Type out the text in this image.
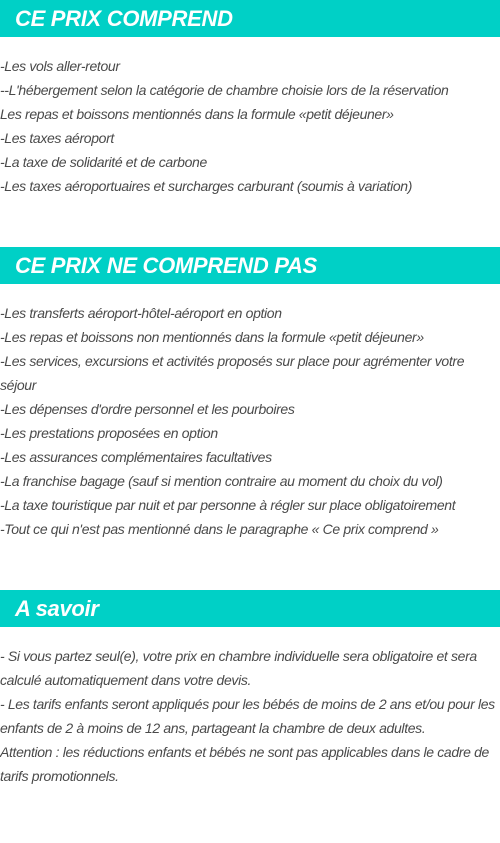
CE PRIX COMPREND
-Les vols aller-retour
--L'hébergement selon la catégorie de chambre choisie lors de la réservation
Les repas et boissons mentionnés dans la formule «petit déjeuner»
-Les taxes aéroport
-La taxe de solidarité et de carbone
-Les taxes aéroportuaires et surcharges carburant (soumis à variation)
CE PRIX NE COMPREND PAS
-Les transferts aéroport-hôtel-aéroport en option
-Les repas et boissons non mentionnés dans la formule «petit déjeuner»
-Les services, excursions et activités proposés sur place pour agrémenter votre séjour
-Les dépenses d'ordre personnel et les pourboires
-Les prestations proposées en option
-Les assurances complémentaires facultatives
-La franchise bagage (sauf si mention contraire au moment du choix du vol)
-La taxe touristique par nuit et par personne à régler sur place obligatoirement
-Tout ce qui n'est pas mentionné dans le paragraphe « Ce prix comprend »
A savoir
- Si vous partez seul(e), votre prix en chambre individuelle sera obligatoire et sera calculé automatiquement dans votre devis.
- Les tarifs enfants seront appliqués pour les bébés de moins de 2 ans et/ou pour les enfants de 2 à moins de 12 ans, partageant la chambre de deux adultes.
Attention : les réductions enfants et bébés ne sont pas applicables dans le cadre de tarifs promotionnels.
